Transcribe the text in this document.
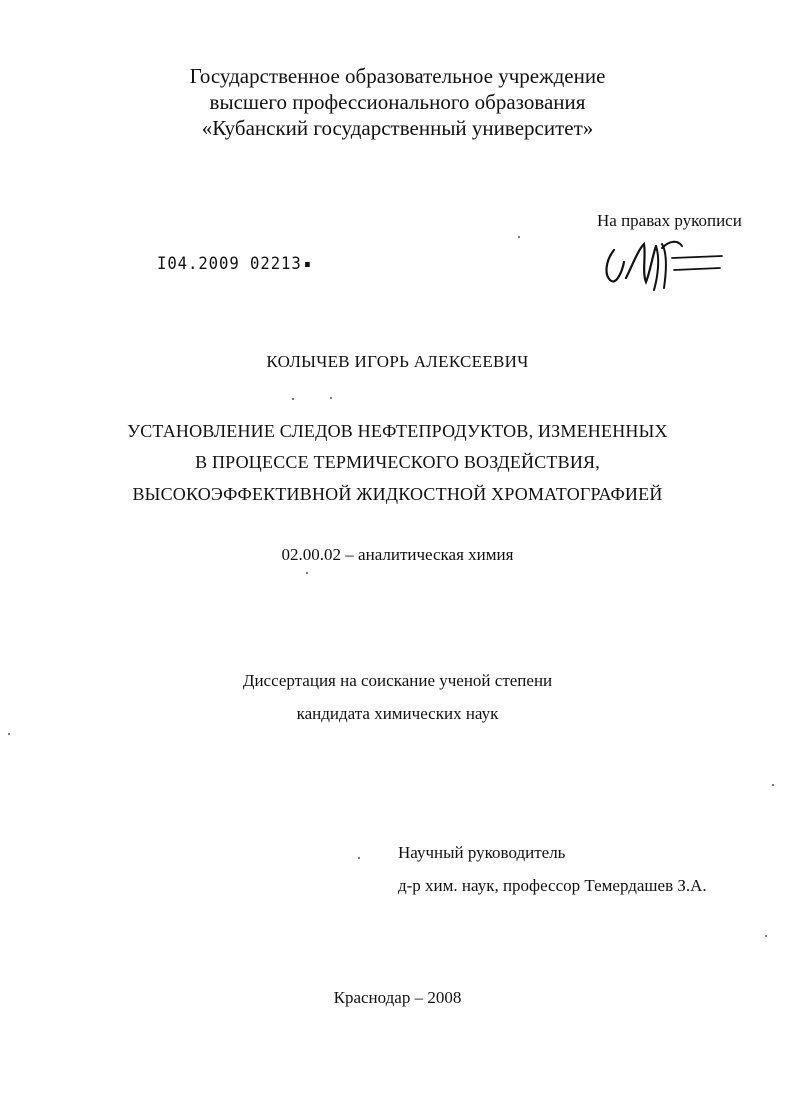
Государственное образовательное учреждение
высшего профессионального образования
«Кубанский государственный университет»
На правах рукописи
I04.2009 02213
КОЛЫЧЕВ ИГОРЬ АЛЕКСЕЕВИЧ
УСТАНОВЛЕНИЕ СЛЕДОВ НЕФТЕПРОДУКТОВ, ИЗМЕНЕННЫХ
В ПРОЦЕССЕ ТЕРМИЧЕСКОГО ВОЗДЕЙСТВИЯ,
ВЫСОКОЭФФЕКТИВНОЙ ЖИДКОСТНОЙ ХРОМАТОГРАФИЕЙ
02.00.02 – аналитическая химия
Диссертация на соискание ученой степени
кандидата химических наук
Научный руководитель
д-р хим. наук, профессор Темердашев З.А.
Краснодар – 2008
